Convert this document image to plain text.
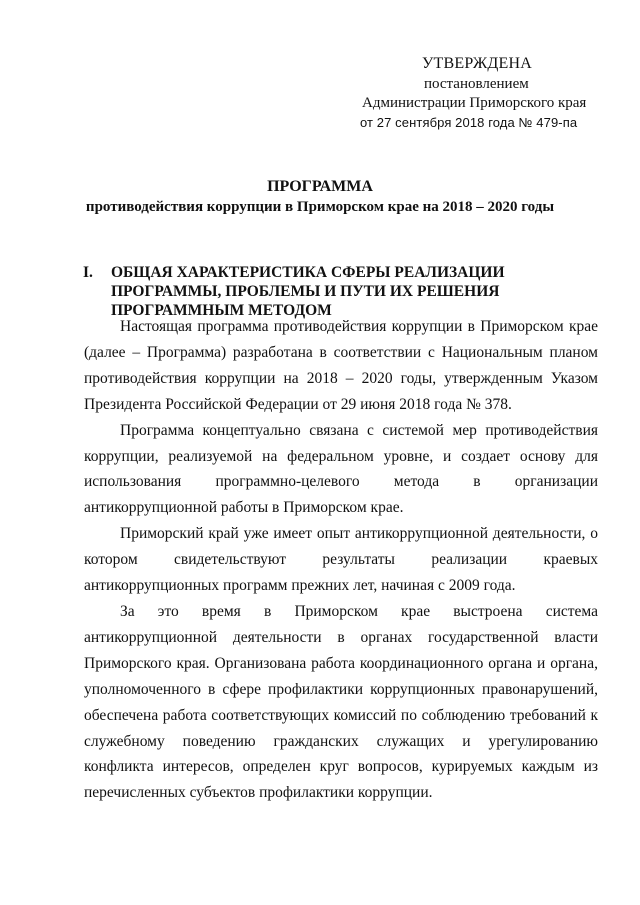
УТВЕРЖДЕНА
постановлением
Администрации Приморского края
от 27 сентября 2018 года № 479-па
ПРОГРАММА
противодействия коррупции в Приморском крае на 2018 – 2020 годы
I. ОБЩАЯ ХАРАКТЕРИСТИКА СФЕРЫ РЕАЛИЗАЦИИ ПРОГРАММЫ, ПРОБЛЕМЫ И ПУТИ ИХ РЕШЕНИЯ ПРОГРАММНЫМ МЕТОДОМ

Настоящая программа противодействия коррупции в Приморском крае (далее – Программа) разработана в соответствии с Национальным планом противодействия коррупции на 2018 – 2020 годы, утвержденным Указом Президента Российской Федерации от 29 июня 2018 года № 378.

Программа концептуально связана с системой мер противодействия коррупции, реализуемой на федеральном уровне, и создает основу для использования программно-целевого метода в организации антикоррупционной работы в Приморском крае.

Приморский край уже имеет опыт антикоррупционной деятельности, о котором свидетельствуют результаты реализации краевых антикоррупционных программ прежних лет, начиная с 2009 года.

За это время в Приморском крае выстроена система антикоррупционной деятельности в органах государственной власти Приморского края. Организована работа координационного органа и органа, уполномоченного в сфере профилактики коррупционных правонарушений, обеспечена работа соответствующих комиссий по соблюдению требований к служебному поведению гражданских служащих и урегулированию конфликта интересов, определен круг вопросов, курируемых каждым из перечисленных субъектов профилактики коррупции.
